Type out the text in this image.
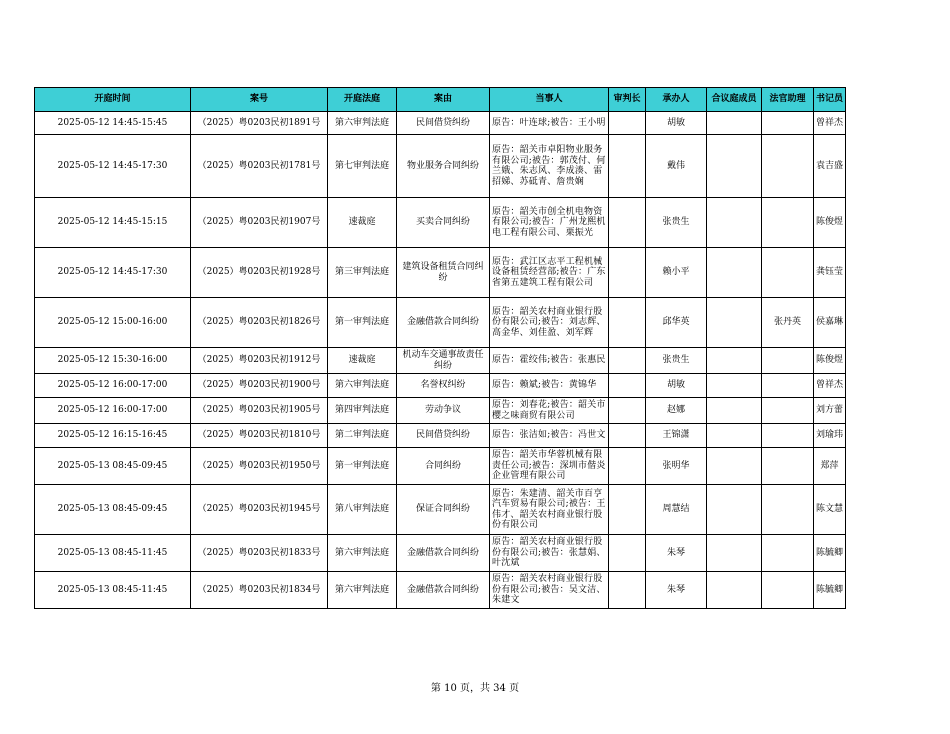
开庭时间	案号	开庭法庭	案由	当事人	审判长	承办人	合议庭成员	法官助理	书记员
2025-05-12 14:45-15:45	（2025）粤0203民初1891号	第六审判法庭	民间借贷纠纷	原告：叶连球;被告：王小明		胡敏			曾祥杰
2025-05-12 14:45-17:30	（2025）粤0203民初1781号	第七审判法庭	物业服务合同纠纷	原告：韶关市卓阳物业服务有限公司;被告：郭茂付、何兰娥、朱志风、李成湊、雷招娣、苏砥青、詹贵娴		戴伟			袁吉盛
2025-05-12 14:45-15:15	（2025）粤0203民初1907号	速裁庭	买卖合同纠纷	原告：韶关市创全机电物资有限公司;被告：广州龙熙机电工程有限公司、栗振光		张贵生			陈俊煜
2025-05-12 14:45-17:30	（2025）粤0203民初1928号	第三审判法庭	建筑设备租赁合同纠纷	原告：武江区志平工程机械设备租赁经营部;被告：广东省第五建筑工程有限公司		赖小平			龚钰莹
2025-05-12 15:00-16:00	（2025）粤0203民初1826号	第一审判法庭	金融借款合同纠纷	原告：韶关农村商业银行股份有限公司;被告：刘志辉、高金华、刘佳盈、刘军辉		邱华英		张丹英	侯嘉琳
2025-05-12 15:30-16:00	（2025）粤0203民初1912号	速裁庭	机动车交通事故责任纠纷	原告：霍绞伟;被告：张惠民		张贵生			陈俊煜
2025-05-12 16:00-17:00	（2025）粤0203民初1900号	第六审判法庭	名誉权纠纷	原告：赖斌;被告：黄锦华		胡敏			曾祥杰
2025-05-12 16:00-17:00	（2025）粤0203民初1905号	第四审判法庭	劳动争议	原告：刘春花;被告：韶关市樱之味商贸有限公司		赵娜			刘方蕾
2025-05-12 16:15-16:45	（2025）粤0203民初1810号	第二审判法庭	民间借贷纠纷	原告：张洁如;被告：冯世文		王锦潇			刘瑜玮
2025-05-13 08:45-09:45	（2025）粤0203民初1950号	第一审判法庭	合同纠纷	原告：韶关市华蓉机械有限责任公司;被告：深圳市偕炎企业管理有限公司		张明华			郑萍
2025-05-13 08:45-09:45	（2025）粤0203民初1945号	第八审判法庭	保证合同纠纷	原告：朱建清、韶关市百亨汽车贸易有限公司;被告：王伟才、韶关农村商业银行股份有限公司		周慧结			陈文慧
2025-05-13 08:45-11:45	（2025）粤0203民初1833号	第六审判法庭	金融借款合同纠纷	原告：韶关农村商业银行股份有限公司;被告：张慧娟、叶沈斌		朱琴			陈毓卿
2025-05-13 08:45-11:45	（2025）粤0203民初1834号	第六审判法庭	金融借款合同纠纷	原告：韶关农村商业银行股份有限公司;被告：吴文洁、朱建文		朱琴			陈毓卿
第 10 页，共 34 页
